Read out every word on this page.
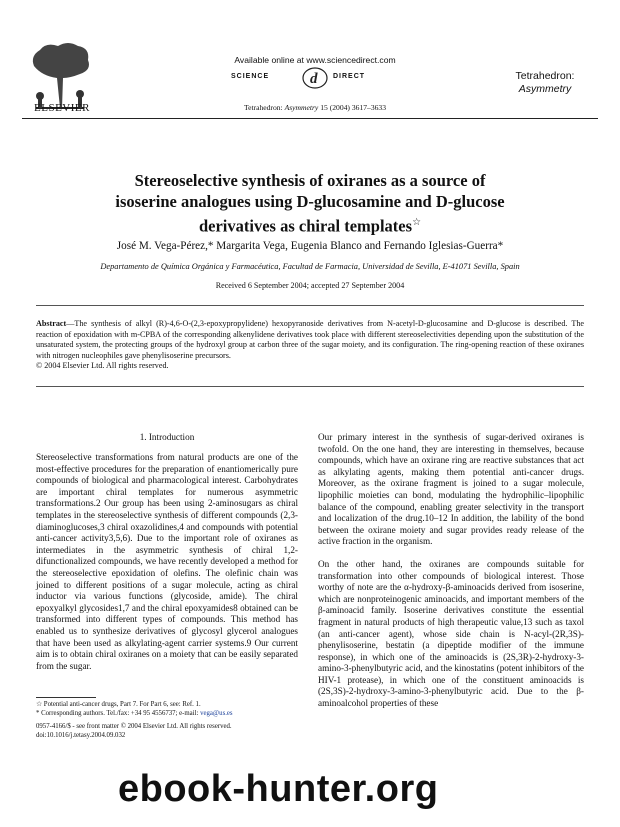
ELSEVIER
Available online at www.sciencedirect.com
SCIENCE	d DIRECT
Tetrahedron: Asymmetry 15 (2004) 3617–3633
Tetrahedron:
Asymmetry
Stereoselective synthesis of oxiranes as a source of
isoserine analogues using D-glucosamine and D-glucose
derivatives as chiral templates☆
José M. Vega-Pérez,* Margarita Vega, Eugenia Blanco and Fernando Iglesias-Guerra*
Departamento de Química Orgánica y Farmacéutica, Facultad de Farmacia, Universidad de Sevilla, E-41071 Sevilla, Spain
Received 6 September 2004; accepted 27 September 2004
Abstract—The synthesis of alkyl (R)-4,6-O-(2,3-epoxypropylidene) hexopyranoside derivatives from N-acetyl-D-glucosamine and D-glucose is described. The reaction of epoxidation with m-CPBA of the corresponding alkenylidene derivatives took place with different stereoselectivities depending upon the substitution of the unsaturated system, the protecting groups of the hydroxyl group at carbon three of the sugar moiety, and its configuration. The ring-opening reaction of these oxiranes with nitrogen nucleophiles gave phenylisoserine precursors.
© 2004 Elsevier Ltd. All rights reserved.
1. Introduction

Stereoselective transformations from natural products are one of the most-effective procedures for the preparation of enantiomerically pure compounds of biological and pharmacological interest. Carbohydrates are important chiral templates for numerous asymmetric transformations.2 Our group has been using 2-aminosugars as chiral templates in the stereoselective synthesis of different compounds (2,3-diaminoglucoses,3 chiral oxazolidines,4 and compounds with potential anti-cancer activity3,5,6). Due to the important role of oxiranes as intermediates in the asymmetric synthesis of chiral 1,2-difunctionalized compounds, we have recently developed a method for the stereoselective epoxidation of olefins. The olefinic chain was joined to different positions of a sugar molecule, acting as chiral inductor via various functions (glycoside, amide). The chiral epoxyalkyl glycosides1,7 and the chiral epoxyamides8 obtained can be transformed into different types of compounds. This method has enabled us to synthesize derivatives of glycosyl glycerol analogues that have been used as alkylating-agent carrier systems.9 Our current aim is to obtain chiral oxiranes on a moiety that can be easily separated from the sugar.

Our primary interest in the synthesis of sugar-derived oxiranes is twofold. On the one hand, they are interesting in themselves, because compounds, which have an oxirane ring are reactive substances that act as alkylating agents, making them potential anti-cancer drugs. Moreover, as the oxirane fragment is joined to a sugar molecule, lipophilic moieties can bond, modulating the hydrophilic–lipophilic balance of the compound, enabling greater selectivity in the transport and localization of the drug.10–12 In addition, the lability of the bond between the oxirane moiety and sugar provides ready release of the active fraction in the organism.

On the other hand, the oxiranes are compounds suitable for transformation into other compounds of biological interest. Those worthy of note are the α-hydroxy-β-aminoacids derived from isoserine, which are nonproteinogenic aminoacids, and important members of the β-aminoacid family. Isoserine derivatives constitute the essential fragment in natural products of high therapeutic value,13 such as taxol (an anti-cancer agent), whose side chain is N-acyl-(2R,3S)-phenylisoserine, bestatin (a dipeptide modifier of the immune response), in which one of the aminoacids is (2S,3R)-2-hydroxy-3-amino-3-phenylbutyric acid, and the kinostatins (potent inhibitors of the HIV-1 protease), in which one of the constituent aminoacids is (2S,3S)-2-hydroxy-3-amino-3-phenylbutyric acid. Due to the β-aminoalcohol properties of these

☆ Potential anti-cancer drugs, Part 7. For Part 6, see: Ref. 1.
* Corresponding authors. Tel./fax: +34 95 4556737; e-mail: vega@us.es
0957-4166/$ - see front matter © 2004 Elsevier Ltd. All rights reserved.
doi:10.1016/j.tetasy.2004.09.032
ebook-hunter.org
